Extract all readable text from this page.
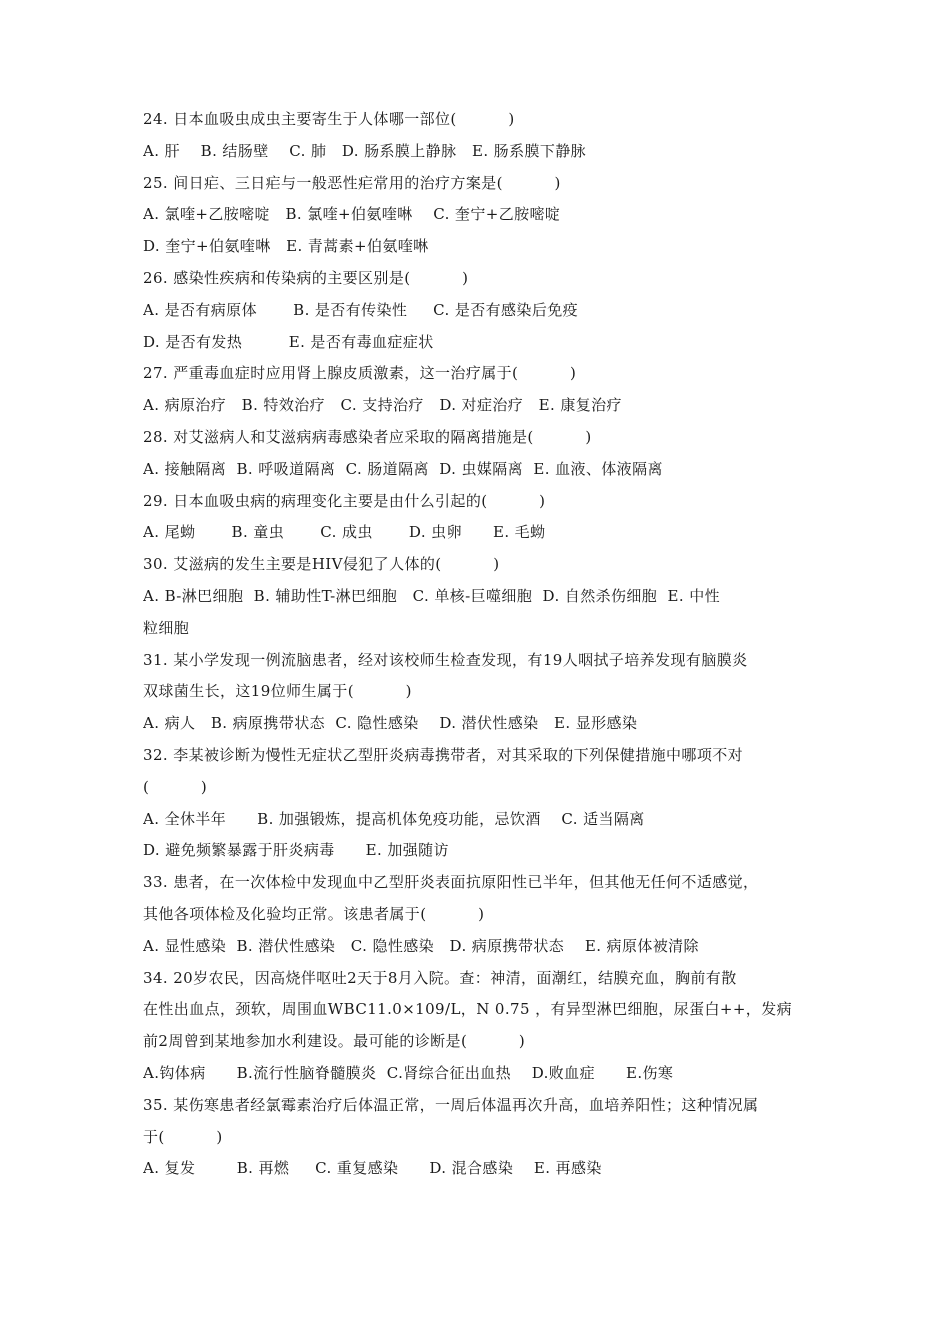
24. 日本血吸虫成虫主要寄生于人体哪一部位(          )
A. 肝    B. 结肠壁    C. 肺   D. 肠系膜上静脉   E. 肠系膜下静脉
25. 间日疟、三日疟与一般恶性疟常用的治疗方案是(          )
A. 氯喹+乙胺嘧啶   B. 氯喹+伯氨喹啉    C. 奎宁+乙胺嘧啶
D. 奎宁+伯氨喹啉   E. 青蒿素+伯氨喹啉
26. 感染性疾病和传染病的主要区别是(          )
A. 是否有病原体       B. 是否有传染性     C. 是否有感染后免疫
D. 是否有发热         E. 是否有毒血症症状
27. 严重毒血症时应用肾上腺皮质激素，这一治疗属于(          )
A. 病原治疗   B. 特效治疗   C. 支持治疗   D. 对症治疗   E. 康复治疗
28. 对艾滋病人和艾滋病病毒感染者应采取的隔离措施是(          )
A. 接触隔离  B. 呼吸道隔离  C. 肠道隔离  D. 虫媒隔离  E. 血液、体液隔离
29. 日本血吸虫病的病理变化主要是由什么引起的(          )
A. 尾蚴       B. 童虫       C. 成虫       D. 虫卵      E. 毛蚴
30. 艾滋病的发生主要是HIV侵犯了人体的(          )
A. B-淋巴细胞  B. 辅助性T-淋巴细胞   C. 单核-巨噬细胞  D. 自然杀伤细胞  E. 中性
粒细胞
31. 某小学发现一例流脑患者，经对该校师生检查发现，有19人咽拭子培养发现有脑膜炎
双球菌生长，这19位师生属于(          )
A. 病人   B. 病原携带状态  C. 隐性感染    D. 潜伏性感染   E. 显形感染
32. 李某被诊断为慢性无症状乙型肝炎病毒携带者，对其采取的下列保健措施中哪项不对
(          )
A. 全休半年      B. 加强锻炼，提高机体免疫功能，忌饮酒    C. 适当隔离
D. 避免频繁暴露于肝炎病毒      E. 加强随访
33. 患者，在一次体检中发现血中乙型肝炎表面抗原阳性已半年，但其他无任何不适感觉，
其他各项体检及化验均正常。该患者属于(          )
A. 显性感染  B. 潜伏性感染   C. 隐性感染   D. 病原携带状态    E. 病原体被清除
34. 20岁农民，因高烧伴呕吐2天于8月入院。查：神清，面潮红，结膜充血，胸前有散
在性出血点，颈软，周围血WBC11.0×109/L，N 0.75 ，有异型淋巴细胞，尿蛋白++，发病
前2周曾到某地参加水利建设。最可能的诊断是(          )
A.钩体病      B.流行性脑脊髓膜炎  C.肾综合征出血热    D.败血症      E.伤寒
35. 某伤寒患者经氯霉素治疗后体温正常，一周后体温再次升高，血培养阳性；这种情况属
于(          )
A. 复发        B. 再燃     C. 重复感染      D. 混合感染    E. 再感染
